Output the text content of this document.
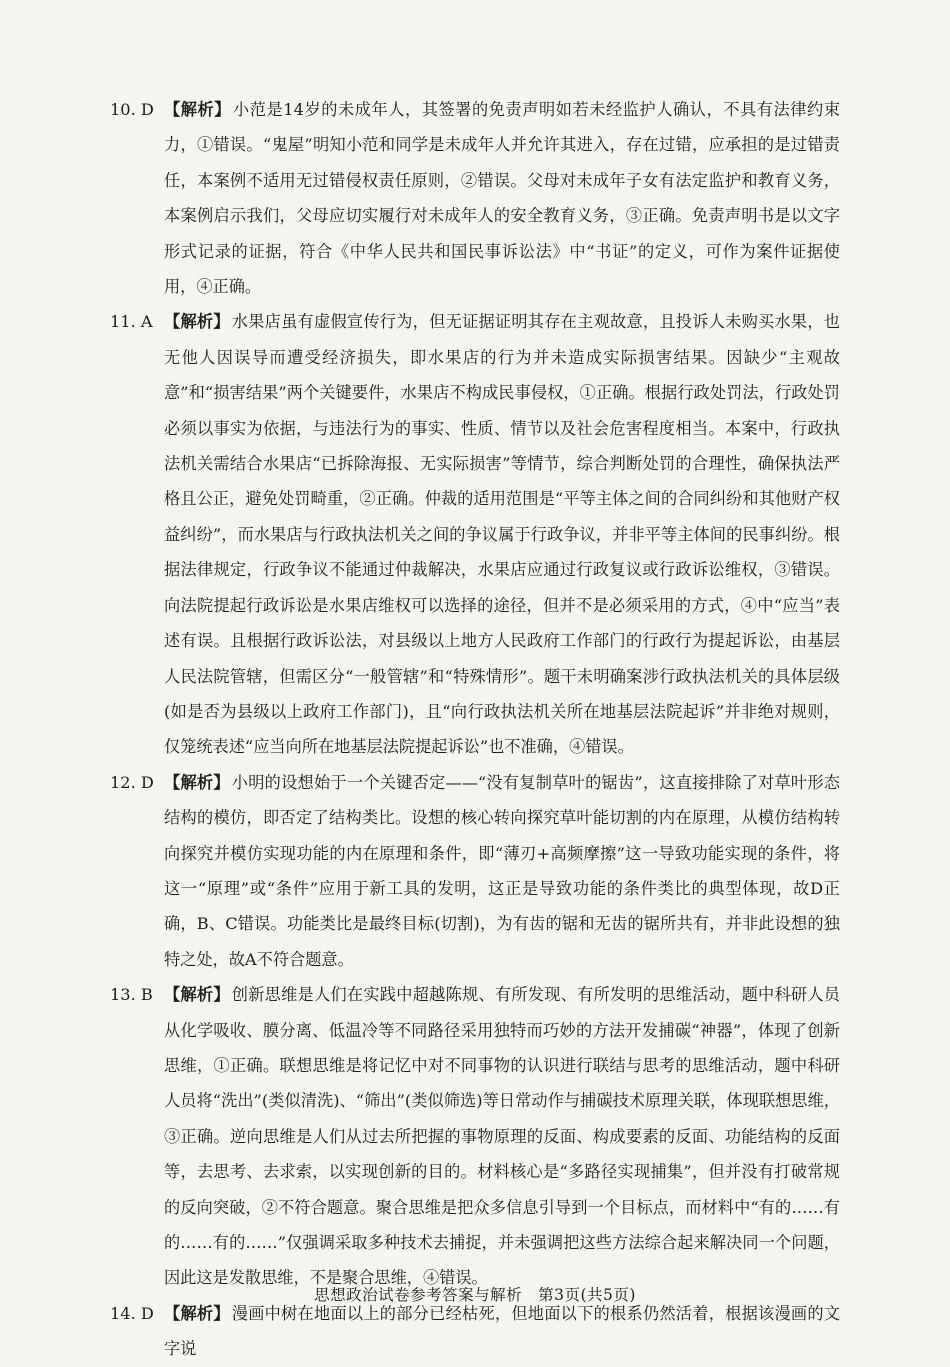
10. D 【解析】 小范是14岁的未成年人，其签署的免责声明如若未经监护人确认，不具有法律约束力，①错误。“鬼屋”明知小范和同学是未成年人并允许其进入，存在过错，应承担的是过错责任，本案例不适用无过错侵权责任原则，②错误。父母对未成年子女有法定监护和教育义务，本案例启示我们，父母应切实履行对未成年人的安全教育义务，③正确。免责声明书是以文字形式记录的证据，符合《中华人民共和国民事诉讼法》中“书证”的定义，可作为案件证据使用，④正确。
11. A 【解析】 水果店虽有虚假宣传行为，但无证据证明其存在主观故意，且投诉人未购买水果，也无他人因误导而遭受经济损失，即水果店的行为并未造成实际损害结果。因缺少“主观故意”和“损害结果”两个关键要件，水果店不构成民事侵权，①正确。根据行政处罚法，行政处罚必须以事实为依据，与违法行为的事实、性质、情节以及社会危害程度相当。本案中，行政执法机关需结合水果店“已拆除海报、无实际损害”等情节，综合判断处罚的合理性，确保执法严格且公正，避免处罚畸重，②正确。仲裁的适用范围是“平等主体之间的合同纠纷和其他财产权益纠纷”，而水果店与行政执法机关之间的争议属于行政争议，并非平等主体间的民事纠纷。根据法律规定，行政争议不能通过仲裁解决，水果店应通过行政复议或行政诉讼维权，③错误。向法院提起行政诉讼是水果店维权可以选择的途径，但并不是必须采用的方式，④中“应当”表述有误。且根据行政诉讼法，对县级以上地方人民政府工作部门的行政行为提起诉讼，由基层人民法院管辖，但需区分“一般管辖”和“特殊情形”。题干未明确案涉行政执法机关的具体层级(如是否为县级以上政府工作部门)，且“向行政执法机关所在地基层法院起诉”并非绝对规则，仅笼统表述“应当向所在地基层法院提起诉讼”也不准确，④错误。
12. D 【解析】 小明的设想始于一个关键否定——“没有复制草叶的锯齿”，这直接排除了对草叶形态结构的模仿，即否定了结构类比。设想的核心转向探究草叶能切割的内在原理，从模仿结构转向探究并模仿实现功能的内在原理和条件，即“薄刃+高频摩擦”这一导致功能实现的条件，将这一“原理”或“条件”应用于新工具的发明，这正是导致功能的条件类比的典型体现，故D正确，B、C错误。功能类比是最终目标(切割)，为有齿的锯和无齿的锯所共有，并非此设想的独特之处，故A不符合题意。
13. B 【解析】 创新思维是人们在实践中超越陈规、有所发现、有所发明的思维活动，题中科研人员从化学吸收、膜分离、低温冷等不同路径采用独特而巧妙的方法开发捕碳“神器”，体现了创新思维，①正确。联想思维是将记忆中对不同事物的认识进行联结与思考的思维活动，题中科研人员将“洗出”(类似清洗)、“筛出”(类似筛选)等日常动作与捕碳技术原理关联，体现联想思维，③正确。逆向思维是人们从过去所把握的事物原理的反面、构成要素的反面、功能结构的反面等，去思考、去求索，以实现创新的目的。材料核心是“多路径实现捕集”，但并没有打破常规的反向突破，②不符合题意。聚合思维是把众多信息引导到一个目标点，而材料中“有的……有的……有的……”仅强调采取多种技术去捕捉，并未强调把这些方法综合起来解决同一个问题，因此这是发散思维，不是聚合思维，④错误。
14. D 【解析】 漫画中树在地面以上的部分已经枯死，但地面以下的根系仍然活着，根据该漫画的文字说
思想政治试卷参考答案与解析　第3页(共5页)
